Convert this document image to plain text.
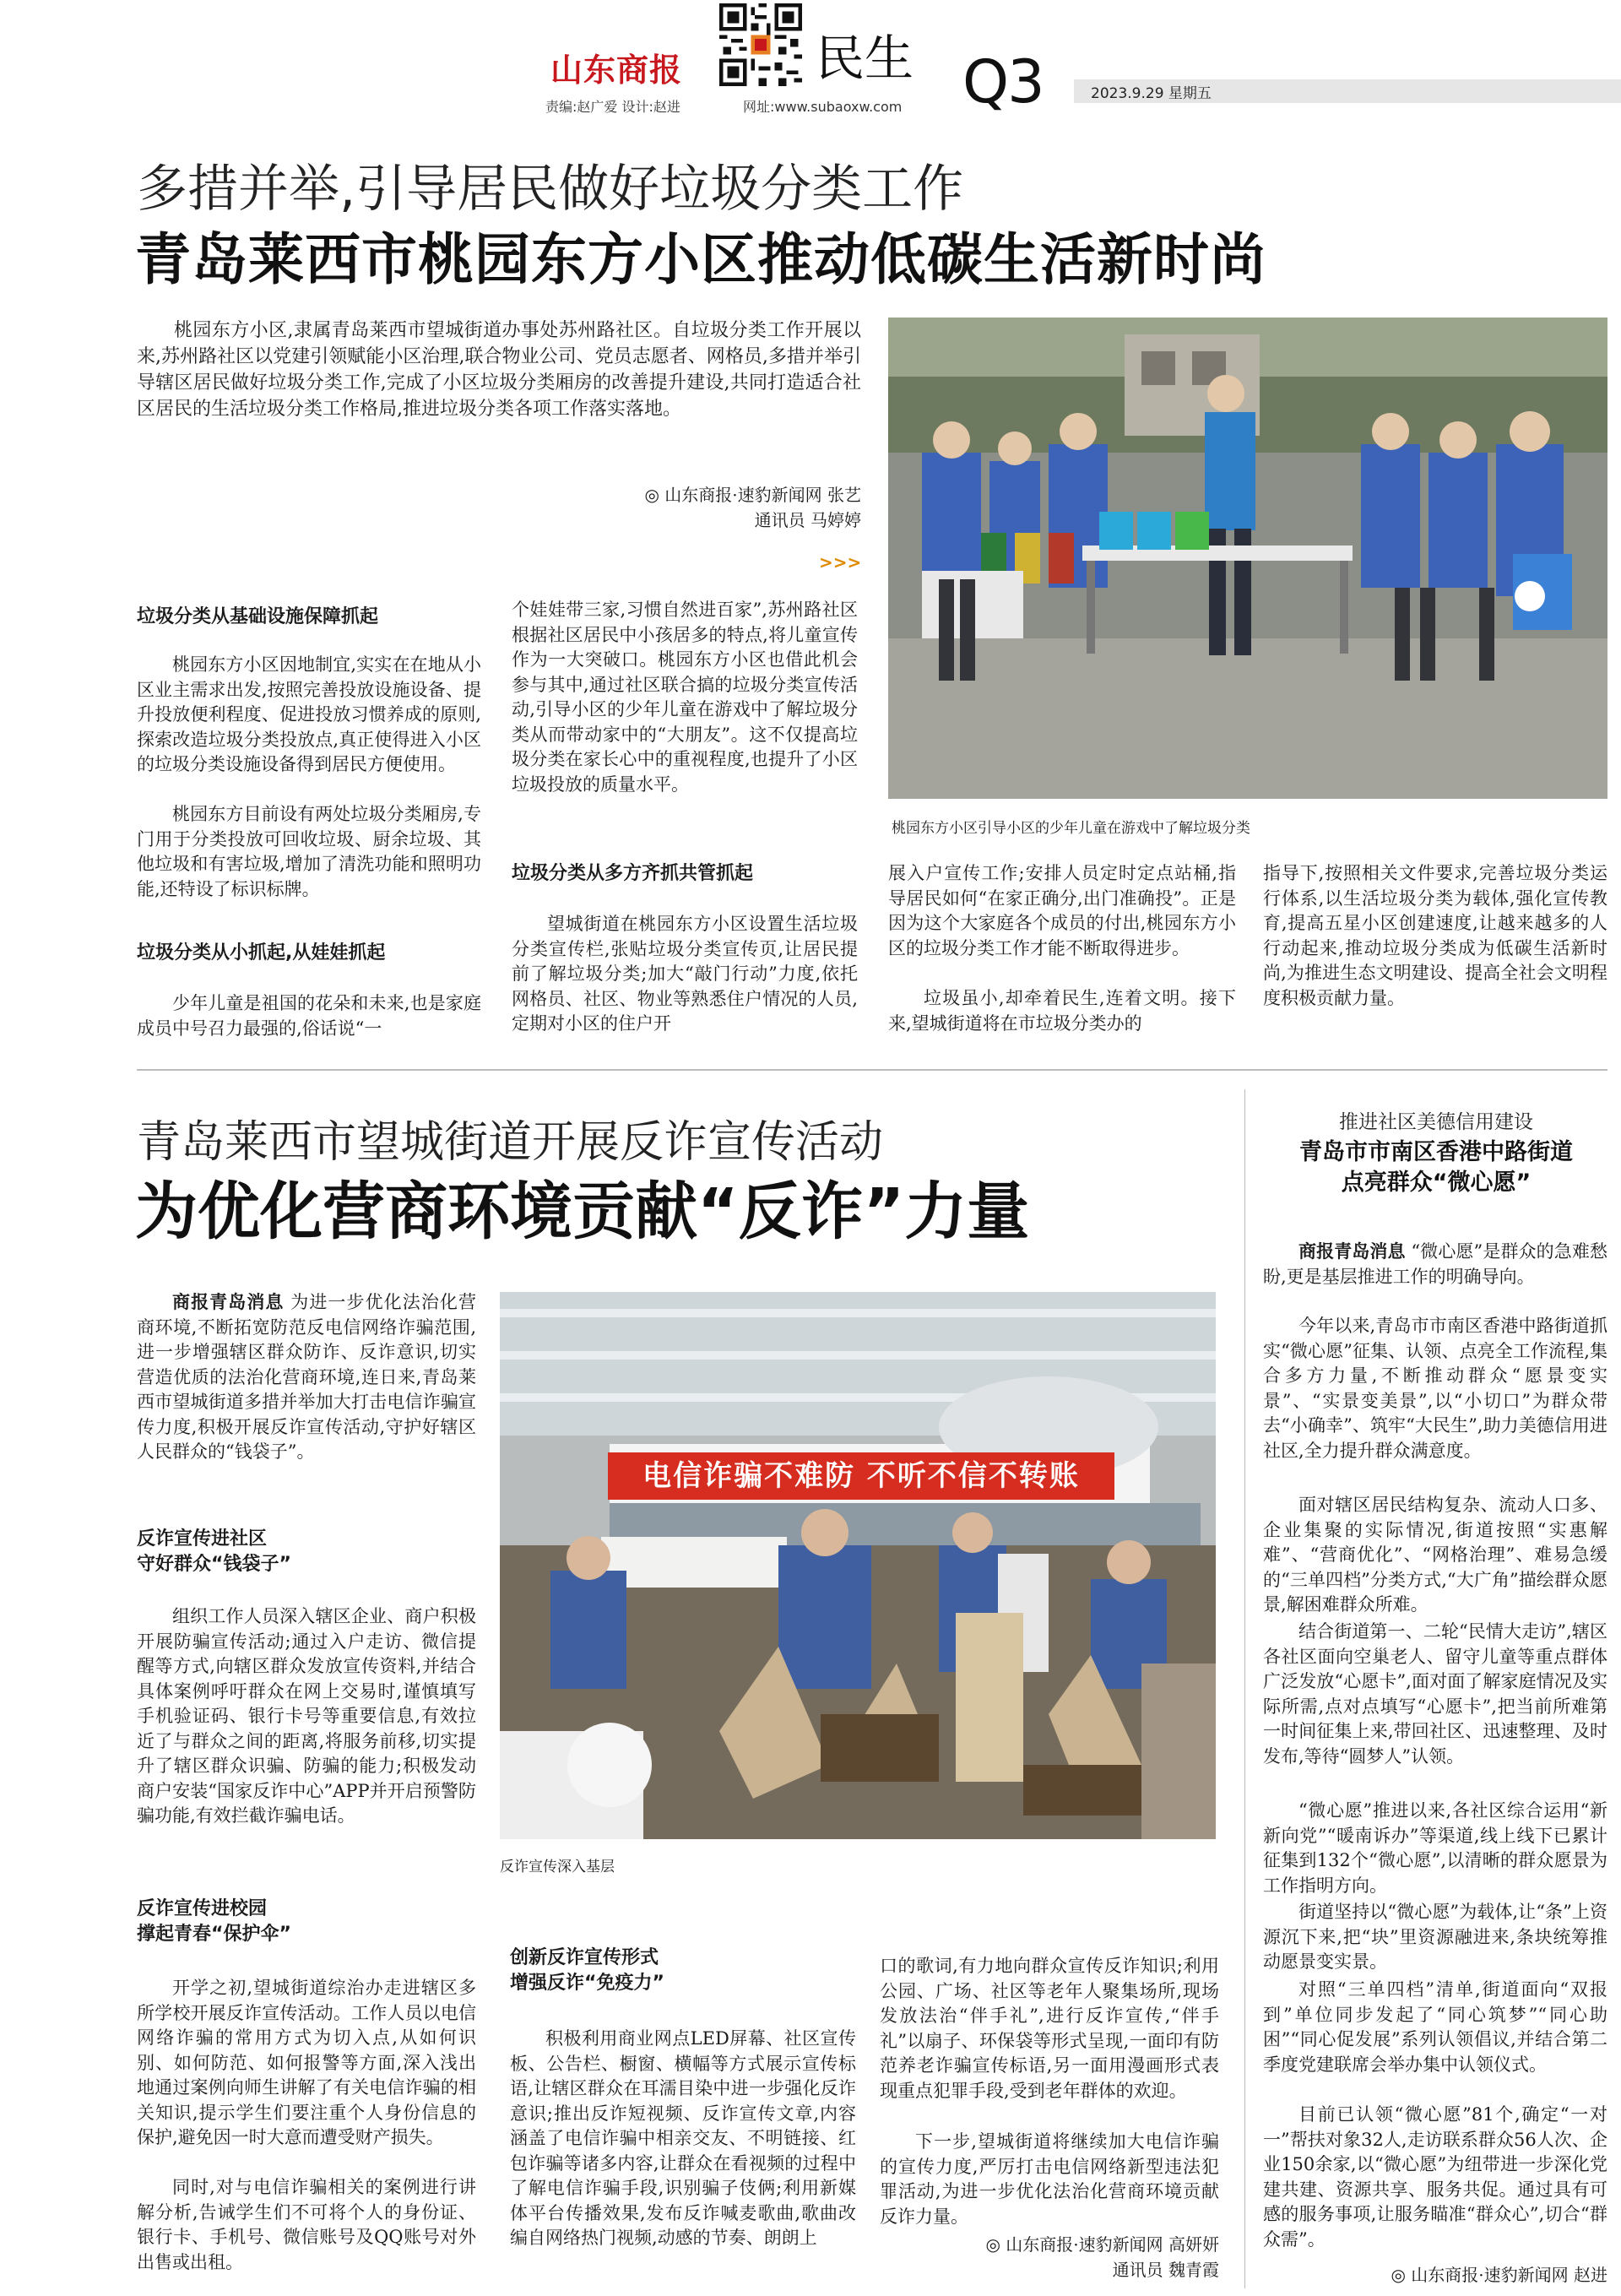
山东商报	民生 Q3
责编:赵广爱 设计:赵进	网址:www.subaoxw.com
2023.9.29 星期五
多措并举,引导居民做好垃圾分类工作
青岛莱西市桃园东方小区推动低碳生活新时尚
桃园东方小区,隶属青岛莱西市望城街道办事处苏州路社区。自垃圾分类工作开展以来,苏州路社区以党建引领赋能小区治理,联合物业公司、党员志愿者、网格员,多措并举引导辖区居民做好垃圾分类工作,完成了小区垃圾分类厢房的改善提升建设,共同打造适合社区居民的生活垃圾分类工作格局,推进垃圾分类各项工作落实落地。
◎ 山东商报·速豹新闻网 张艺
通讯员 马婷婷
>>>
桃园东方小区引导小区的少年儿童在游戏中了解垃圾分类
垃圾分类从基础设施保障抓起
桃园东方小区因地制宜,实实在在地从小区业主需求出发,按照完善投放设施设备、提升投放便利程度、促进投放习惯养成的原则,探索改造垃圾分类投放点,真正使得进入小区的垃圾分类设施设备得到居民方便使用。
桃园东方目前设有两处垃圾分类厢房,专门用于分类投放可回收垃圾、厨余垃圾、其他垃圾和有害垃圾,增加了清洗功能和照明功能,还特设了标识标牌。
垃圾分类从小抓起,从娃娃抓起
少年儿童是祖国的花朵和未来,也是家庭成员中号召力最强的,俗话说“一
个娃娃带三家,习惯自然进百家”,苏州路社区根据社区居民中小孩居多的特点,将儿童宣传作为一大突破口。桃园东方小区也借此机会参与其中,通过社区联合搞的垃圾分类宣传活动,引导小区的少年儿童在游戏中了解垃圾分类从而带动家中的“大朋友”。这不仅提高垃圾分类在家长心中的重视程度,也提升了小区垃圾投放的质量水平。
垃圾分类从多方齐抓共管抓起
望城街道在桃园东方小区设置生活垃圾分类宣传栏,张贴垃圾分类宣传页,让居民提前了解垃圾分类;加大“敲门行动”力度,依托网格员、社区、物业等熟悉住户情况的人员,定期对小区的住户开
展入户宣传工作;安排人员定时定点站桶,指导居民如何“在家正确分,出门准确投”。正是因为这个大家庭各个成员的付出,桃园东方小区的垃圾分类工作才能不断取得进步。
垃圾虽小,却牵着民生,连着文明。接下来,望城街道将在市垃圾分类办的
指导下,按照相关文件要求,完善垃圾分类运行体系,以生活垃圾分类为载体,强化宣传教育,提高五星小区创建速度,让越来越多的人行动起来,推动垃圾分类成为低碳生活新时尚,为推进生态文明建设、提高全社会文明程度积极贡献力量。
青岛莱西市望城街道开展反诈宣传活动
为优化营商环境贡献“反诈”力量
商报青岛消息 为进一步优化法治化营商环境,不断拓宽防范反电信网络诈骗范围,进一步增强辖区群众防诈、反诈意识,切实营造优质的法治化营商环境,连日来,青岛莱西市望城街道多措并举加大打击电信诈骗宣传力度,积极开展反诈宣传活动,守护好辖区人民群众的“钱袋子”。
反诈宣传进社区
守好群众“钱袋子”
组织工作人员深入辖区企业、商户积极开展防骗宣传活动;通过入户走访、微信提醒等方式,向辖区群众发放宣传资料,并结合具体案例呼吁群众在网上交易时,谨慎填写手机验证码、银行卡号等重要信息,有效拉近了与群众之间的距离,将服务前移,切实提升了辖区群众识骗、防骗的能力;积极发动商户安装“国家反诈中心”APP并开启预警防骗功能,有效拦截诈骗电话。
反诈宣传进校园
撑起青春“保护伞”
开学之初,望城街道综治办走进辖区多所学校开展反诈宣传活动。工作人员以电信网络诈骗的常用方式为切入点,从如何识别、如何防范、如何报警等方面,深入浅出地通过案例向师生讲解了有关电信诈骗的相关知识,提示学生们要注重个人身份信息的保护,避免因一时大意而遭受财产损失。
同时,对与电信诈骗相关的案例进行讲解分析,告诫学生们不可将个人的身份证、银行卡、手机号、微信账号及QQ账号对外出售或出租。
电信诈骗不难防 不听不信不转账
反诈宣传深入基层
创新反诈宣传形式
增强反诈“免疫力”
积极利用商业网点LED屏幕、社区宣传板、公告栏、橱窗、横幅等方式展示宣传标语,让辖区群众在耳濡目染中进一步强化反诈意识;推出反诈短视频、反诈宣传文章,内容涵盖了电信诈骗中相亲交友、不明链接、红包诈骗等诸多内容,让群众在看视频的过程中了解电信诈骗手段,识别骗子伎俩;利用新媒体平台传播效果,发布反诈喊麦歌曲,歌曲改编自网络热门视频,动感的节奏、朗朗上
口的歌词,有力地向群众宣传反诈知识;利用公园、广场、社区等老年人聚集场所,现场发放法治“伴手礼”,进行反诈宣传,“伴手礼”以扇子、环保袋等形式呈现,一面印有防范养老诈骗宣传标语,另一面用漫画形式表现重点犯罪手段,受到老年群体的欢迎。
下一步,望城街道将继续加大电信诈骗的宣传力度,严厉打击电信网络新型违法犯罪活动,为进一步优化法治化营商环境贡献反诈力量。
◎ 山东商报·速豹新闻网 高妍妍
通讯员 魏青霞
推进社区美德信用建设
青岛市市南区香港中路街道
点亮群众“微心愿”
商报青岛消息 “微心愿”是群众的急难愁盼,更是基层推进工作的明确导向。
今年以来,青岛市市南区香港中路街道抓实“微心愿”征集、认领、点亮全工作流程,集合多方力量,不断推动群众“愿景变实景”、“实景变美景”,以“小切口”为群众带去“小确幸”、筑牢“大民生”,助力美德信用进社区,全力提升群众满意度。
面对辖区居民结构复杂、流动人口多、企业集聚的实际情况,街道按照“实惠解难”、“营商优化”、“网格治理”、难易急缓的“三单四档”分类方式,“大广角”描绘群众愿景,解困难群众所难。
结合街道第一、二轮“民情大走访”,辖区各社区面向空巢老人、留守儿童等重点群体广泛发放“心愿卡”,面对面了解家庭情况及实际所需,点对点填写“心愿卡”,把当前所难第一时间征集上来,带回社区、迅速整理、及时发布,等待“圆梦人”认领。
“微心愿”推进以来,各社区综合运用“新新向党”“暖南诉办”等渠道,线上线下已累计征集到132个“微心愿”,以清晰的群众愿景为工作指明方向。
街道坚持以“微心愿”为载体,让“条”上资源沉下来,把“块”里资源融进来,条块统筹推动愿景变实景。
对照“三单四档”清单,街道面向“双报到”单位同步发起了“同心筑梦”“同心助困”“同心促发展”系列认领倡议,并结合第二季度党建联席会举办集中认领仪式。
目前已认领“微心愿”81个,确定“一对一”帮扶对象32人,走访联系群众56人次、企业150余家,以“微心愿”为纽带进一步深化党建共建、资源共享、服务共促。通过具有可感的服务事项,让服务瞄准“群众心”,切合“群众需”。
◎ 山东商报·速豹新闻网 赵进
